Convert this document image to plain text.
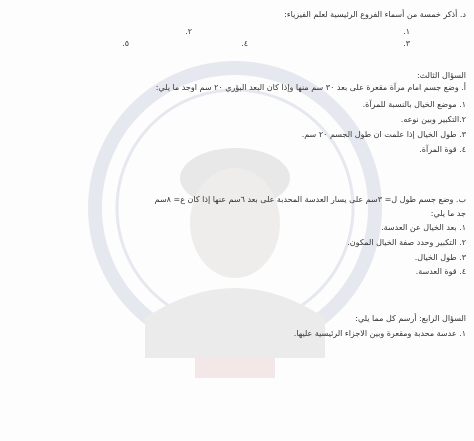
د. أذكر خمسة من أسماء الفروع الرئيسية لعلم الفيزياء:
١.
٢.
٣.
٤.
٥.
السؤال الثالث:
أ. وضع جسم امام مرآة مقعرة على بعد ٣٠ سم منها وإذا كان البعد البؤري ٢٠ سم اوجد ما يلي:
١. موضع الخيال بالنسبة للمرآة.
٢.التكبير وبين نوعه.
٣. طول الخيال إذا علمت ان طول الجسم ٢٠ سم.
٤. قوة المرآة.
ب. وضع جسم طول ل= ٣سم على يسار العدسة المحدبة على بعد ٦سم عنها إذا كان ع= ٨سم
جد ما يلي:
١. بعد الخيال عن العدسة.
٢. التكبير وحدد صفة الخيال المكون.
٣. طول الخيال.
٤. قوة العدسة.
السؤال الرابع: أرسم كل مما يلي:
١. عدسة محدبة ومقعرة وبين الاجزاء الرئيسية عليها.
